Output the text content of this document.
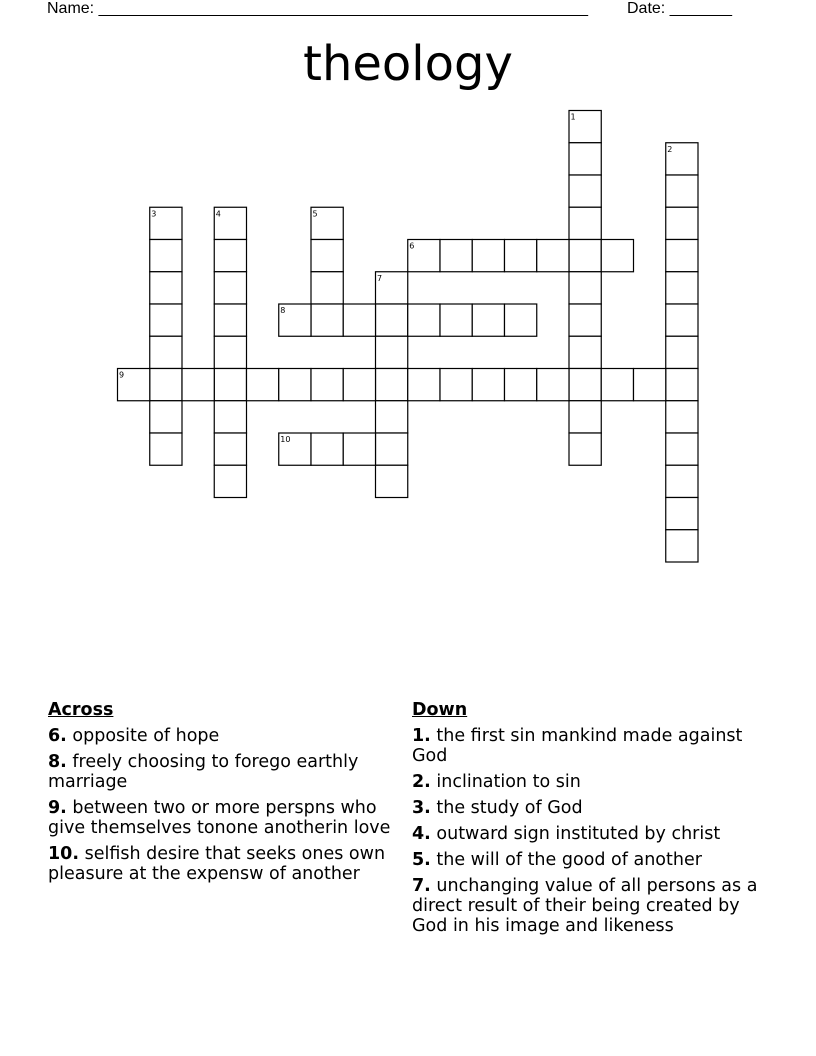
Name: _______________________________________________________ Date: _______
theology
1
2
3	4	5
6
7
8
9
10
Across
6. opposite of hope
8. freely choosing to forego earthly marriage
9. between two or more perspns who give themselves tonone anotherin love
10. selfish desire that seeks ones own pleasure at the expensw of another
Down
1. the first sin mankind made against God
2. inclination to sin
3. the study of God
4. outward sign instituted by christ
5. the will of the good of another
7. unchanging value of all persons as a direct result of their being created by God in his image and likeness
